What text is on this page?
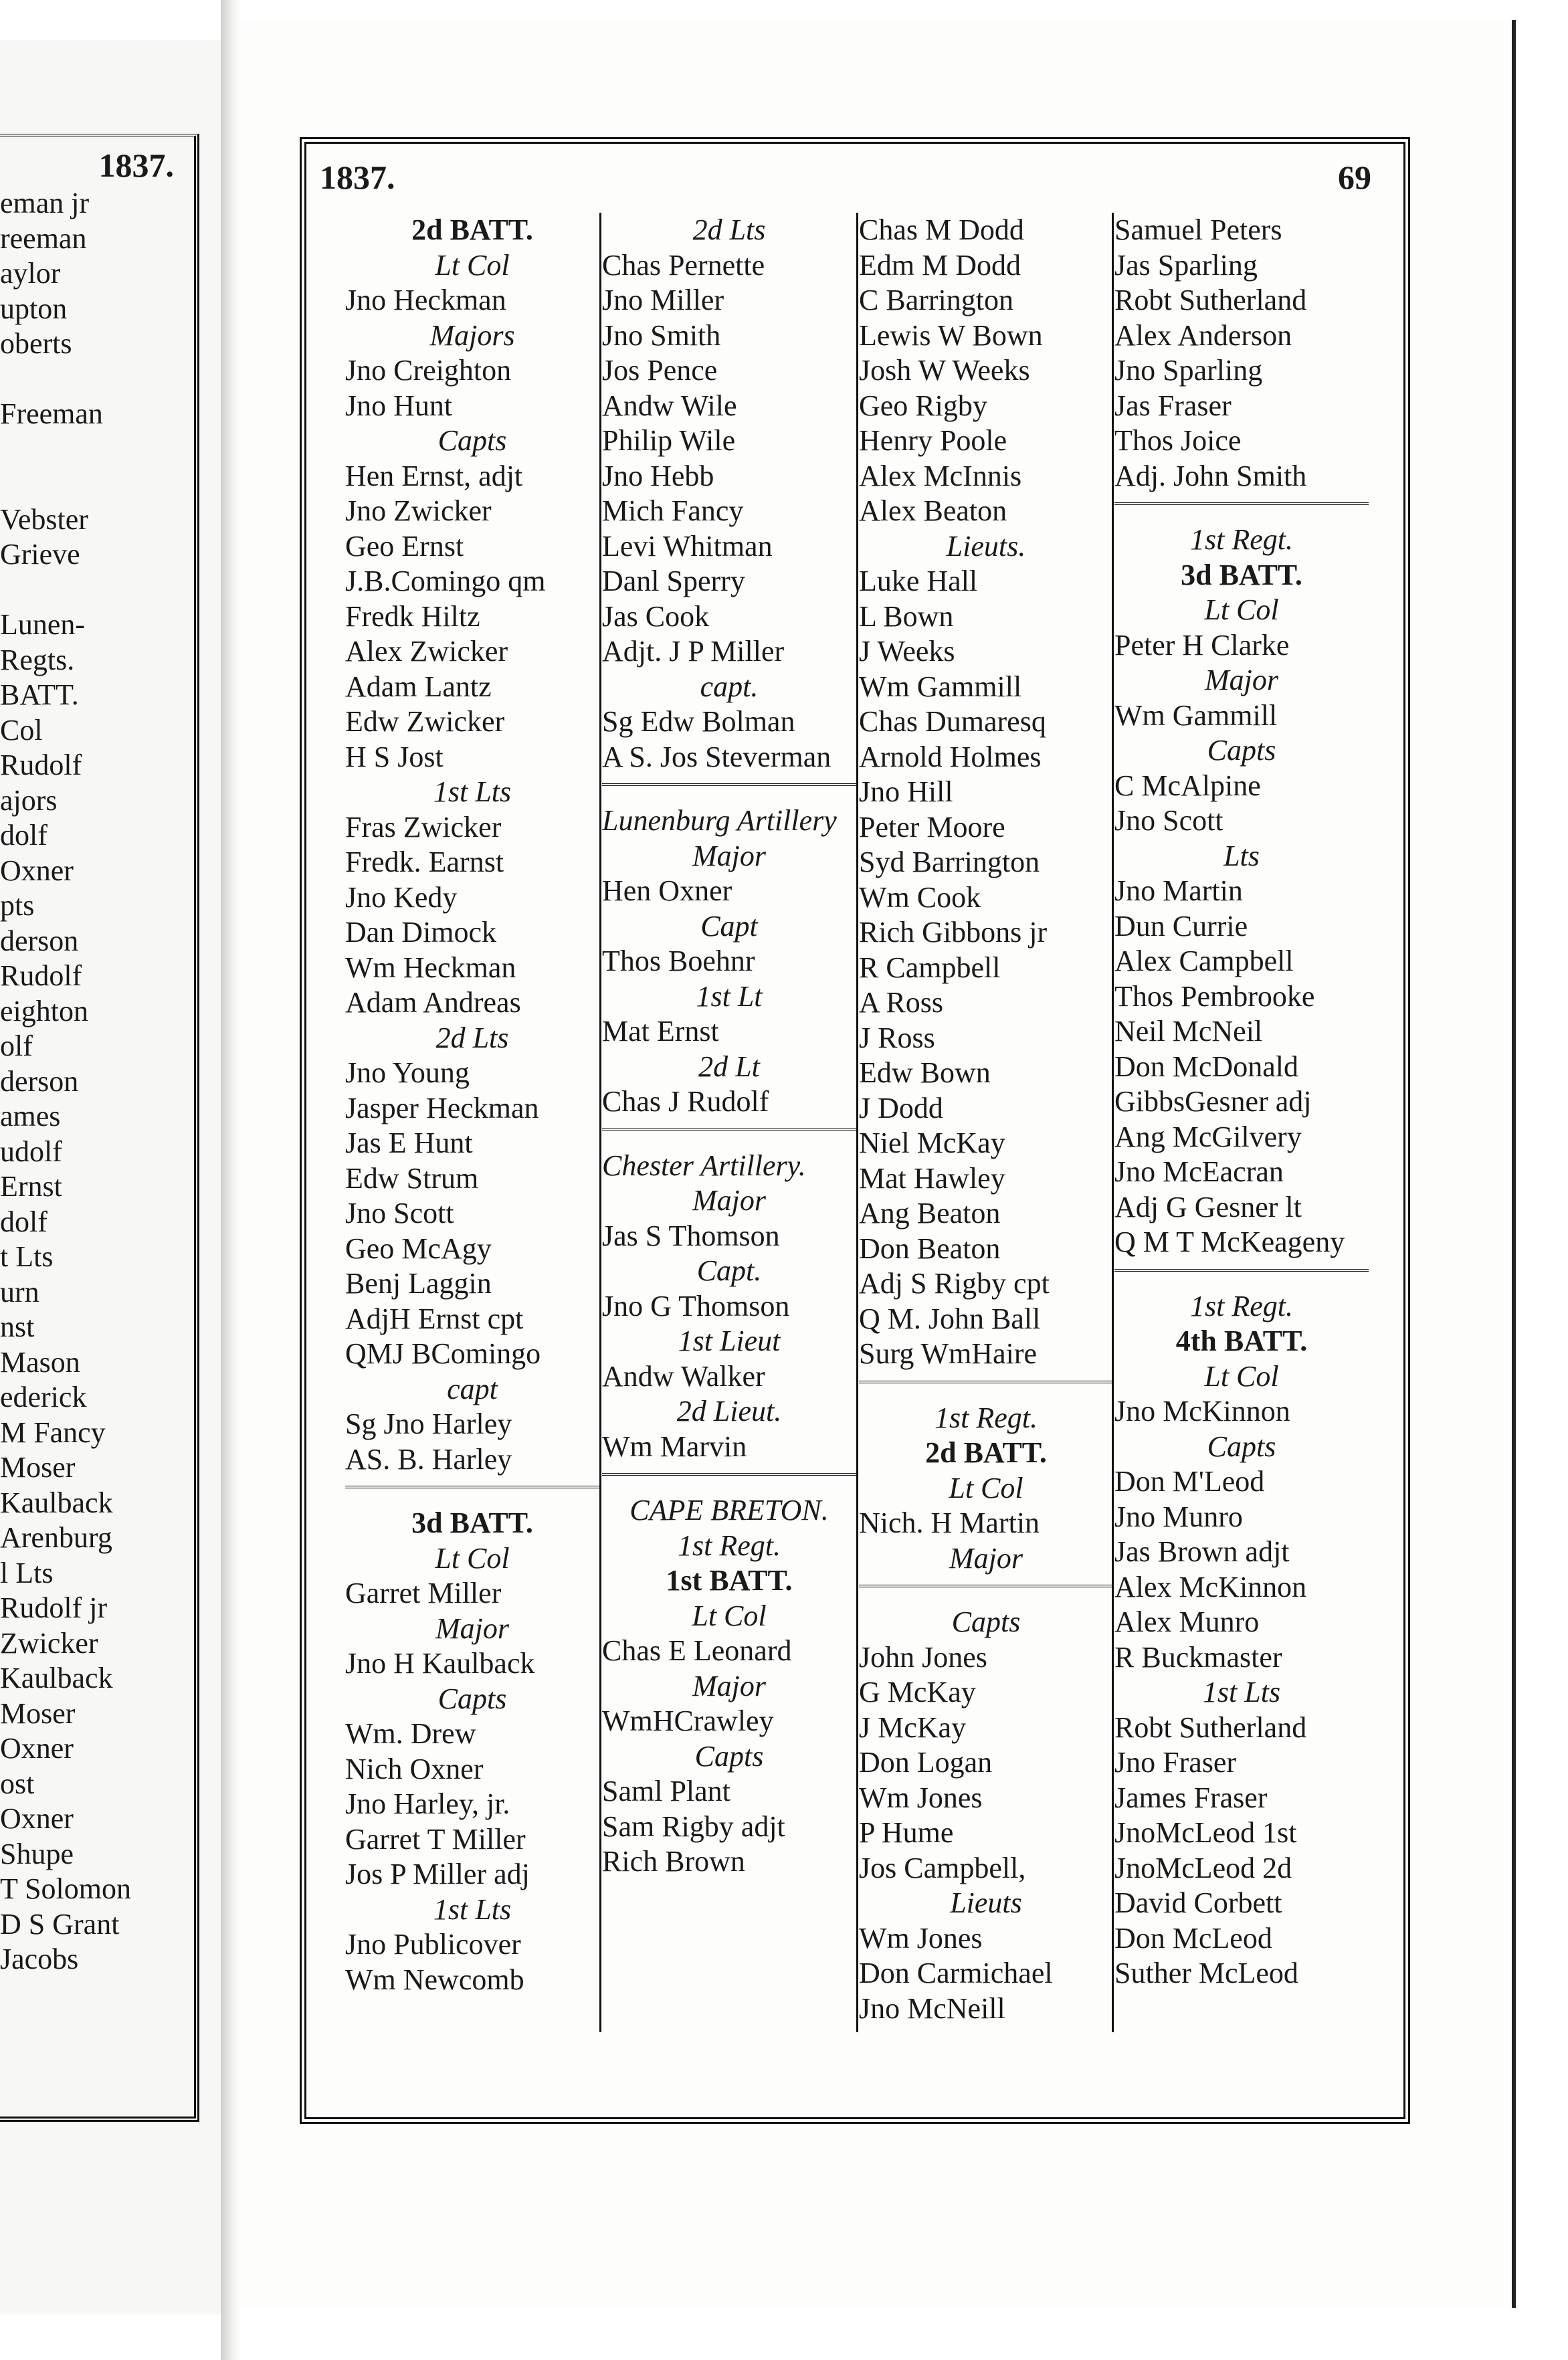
1837.
eman jr
reeman
aylor
upton
oberts
Freeman
Vebster
Grieve
Lunen-
Regts.
BATT.
Col
Rudolf
ajors
dolf
Oxner
pts
derson
Rudolf
eighton
olf
derson
ames
udolf
Ernst
dolf
t Lts
urn
nst
Mason
ederick
M Fancy
Moser
Kaulback
Arenburg
l Lts
Rudolf jr
Zwicker
Kaulback
Moser
Oxner
ost
Oxner
Shupe
T Solomon
D S Grant
Jacobs
1837.	69
2d BATT.
Lt Col
Jno Heckman
Majors
Jno Creighton
Jno Hunt
Capts
Hen Ernst, adjt
Jno Zwicker
Geo Ernst
J.B.Comingo qm
Fredk Hiltz
Alex Zwicker
Adam Lantz
Edw Zwicker
H S Jost
1st Lts
Fras Zwicker
Fredk. Earnst
Jno Kedy
Dan Dimock
Wm Heckman
Adam Andreas
2d Lts
Jno Young
Jasper Heckman
Jas E Hunt
Edw Strum
Jno Scott
Geo McAgy
Benj Laggin
AdjH Ernst cpt
QMJ BComingo
capt
Sg Jno Harley
AS. B. Harley
3d BATT.
Lt Col
Garret Miller
Major
Jno H Kaulback
Capts
Wm. Drew
Nich Oxner
Jno Harley, jr.
Garret T Miller
Jos P Miller adj
1st Lts
Jno Publicover
Wm Newcomb
2d Lts
Chas Pernette
Jno Miller
Jno Smith
Jos Pence
Andw Wile
Philip Wile
Jno Hebb
Mich Fancy
Levi Whitman
Danl Sperry
Jas Cook
Adjt. J P Miller
capt.
Sg Edw Bolman
A S. Jos Steverman
Lunenburg Artillery
Major
Hen Oxner
Capt
Thos Boehnr
1st Lt
Mat Ernst
2d Lt
Chas J Rudolf
Chester Artillery.
Major
Jas S Thomson
Capt.
Jno G Thomson
1st Lieut
Andw Walker
2d Lieut.
Wm Marvin
CAPE BRETON.
1st Regt.
1st BATT.
Lt Col
Chas E Leonard
Major
WmHCrawley
Capts
Saml Plant
Sam Rigby adjt
Rich Brown
Chas M Dodd
Edm M Dodd
C Barrington
Lewis W Bown
Josh W Weeks
Geo Rigby
Henry Poole
Alex McInnis
Alex Beaton
Lieuts.
Luke Hall
L Bown
J Weeks
Wm Gammill
Chas Dumaresq
Arnold Holmes
Jno Hill
Peter Moore
Syd Barrington
Wm Cook
Rich Gibbons jr
R Campbell
A Ross
J Ross
Edw Bown
J Dodd
Niel McKay
Mat Hawley
Ang Beaton
Don Beaton
Adj S Rigby cpt
Q M. John Ball
Surg WmHaire
1st Regt.
2d BATT.
Lt Col
Nich. H Martin
Major
Capts
John Jones
G McKay
J McKay
Don Logan
Wm Jones
P Hume
Jos Campbell,
Lieuts
Wm Jones
Don Carmichael
Jno McNeill
Samuel Peters
Jas Sparling
Robt Sutherland
Alex Anderson
Jno Sparling
Jas Fraser
Thos Joice
Adj. John Smith
1st Regt.
3d BATT.
Lt Col
Peter H Clarke
Major
Wm Gammill
Capts
C McAlpine
Jno Scott
Lts
Jno Martin
Dun Currie
Alex Campbell
Thos Pembrooke
Neil McNeil
Don McDonald
GibbsGesner adj
Ang McGilvery
Jno McEacran
Adj G Gesner lt
Q M T McKeageny
1st Regt.
4th BATT.
Lt Col
Jno McKinnon
Capts
Don M'Leod
Jno Munro
Jas Brown adjt
Alex McKinnon
Alex Munro
R Buckmaster
1st Lts
Robt Sutherland
Jno Fraser
James Fraser
JnoMcLeod 1st
JnoMcLeod 2d
David Corbett
Don McLeod
Suther McLeod
